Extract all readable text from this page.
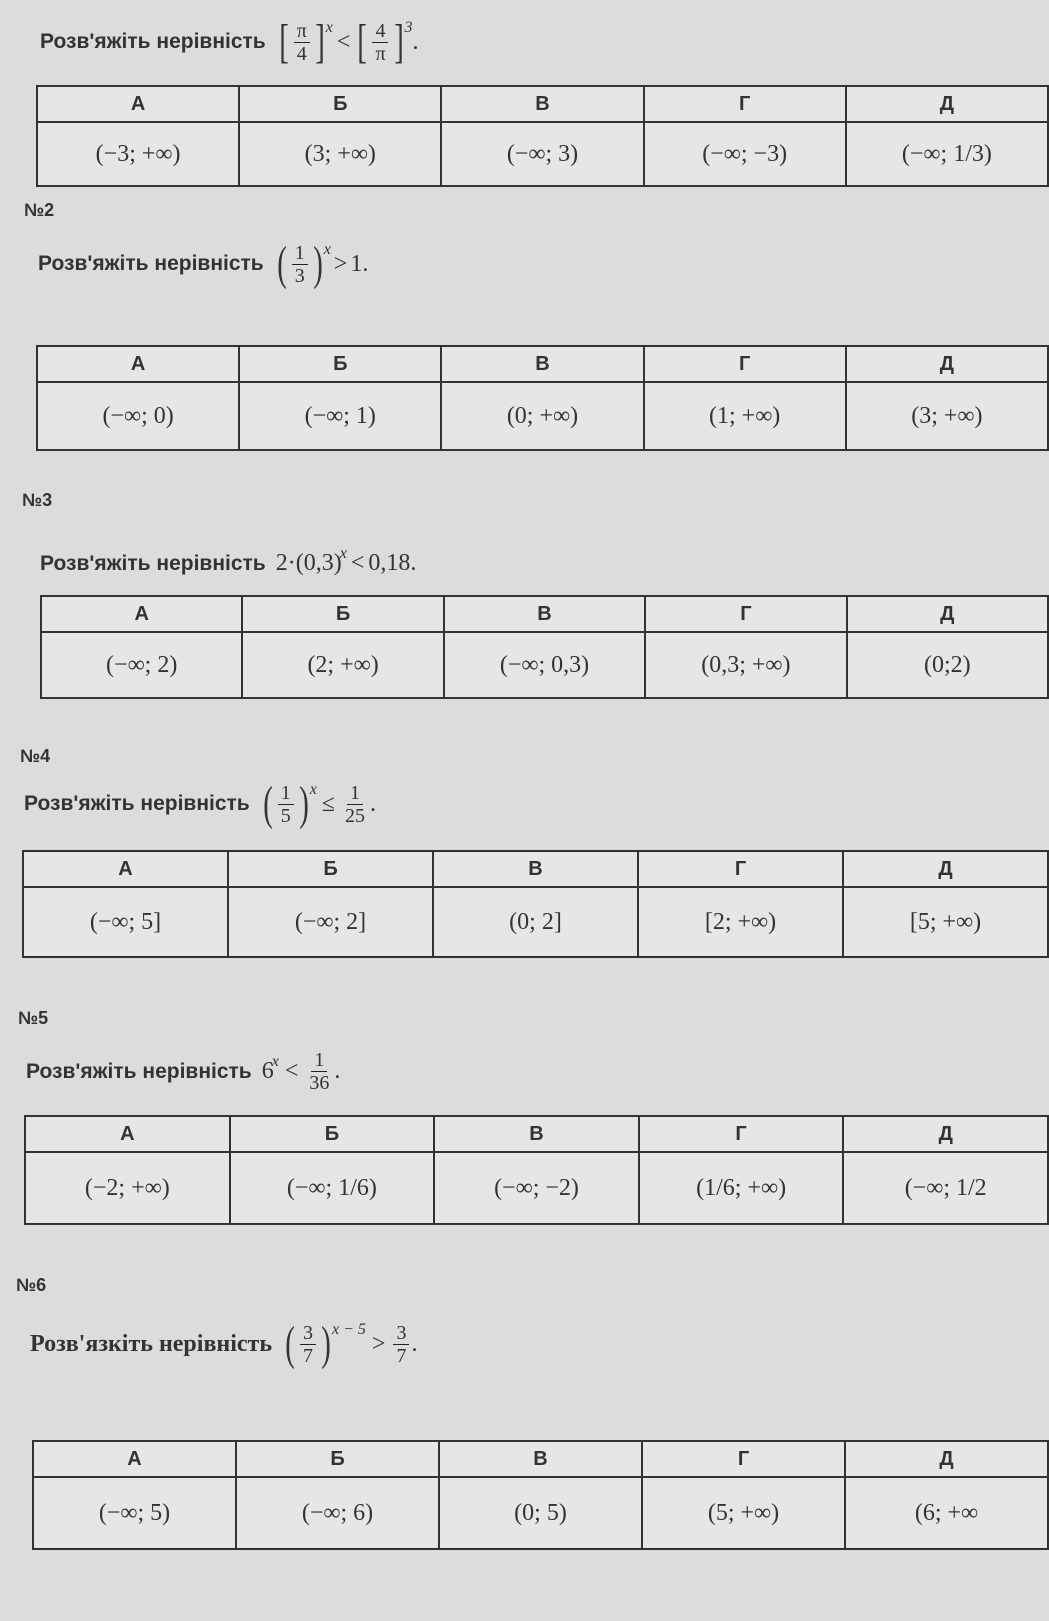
Розв'яжіть нерівність [ $\frac{\pi}{4} ]^x$
< [ $\frac{4}{\pi} ]^3$
.
А	Б	В	Г	Д
(−3; +∞)	(3; +∞)	(−∞; 3)	(−∞; −3)	(−∞; 1/3)
№2
Розв'яжіть нерівність ( $\frac{1}{3} )^x$
> 1 .
А	Б	В	Г	Д
(−∞; 0)	(−∞; 1)	(0; +∞)	(1; +∞)	(3; +∞)
№3
Розв'яжіть нерівність 2·(0,3)
$^x$ < 0,18 .
А	Б	В	Г	Д
(−∞; 2)	(2; +∞)	(−∞; 0,3)	(0,3; +∞)	(0;2)
№4
Розв'яжіть нерівність ( $\frac{1}{5} )^x$
≤ $\frac{1}{25}$ .
А	Б	В	Г	Д
(−∞; 5]	(−∞; 2]	(0; 2]	[2; +∞)	[5; +∞)
№5
Розв'яжіть нерівність 6
$^x < \frac{1}{36}$ .
А	Б	В	Г	Д
(−2; +∞)	(−∞; 1/6)	(−∞; −2)	(1/6; +∞)	(−∞; 1/2
№6
Розв'язкіть нерівність ( $\frac{3}{7} )^{x - 5}$
> $\frac{3}{7}$ .
А	Б	В	Г	Д
(−∞; 5)	(−∞; 6)	(0; 5)	(5; +∞)	(6; +∞
